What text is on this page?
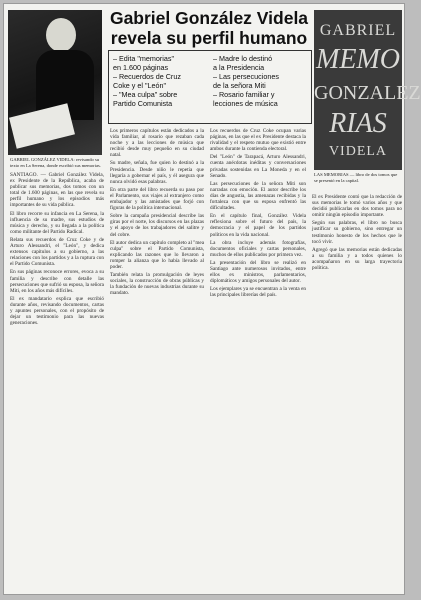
Gabriel González Videla
revela su perfil humano
– Edita "memorias"
en 1.600 páginas
– Recuerdos de Cruz
Coke y el "León"
– "Mea culpa" sobre
Partido Comunista
– Madre lo destinó
a la Presidencia
– Las persecuciones
de la señora Miti
– Rosario familiar y
lecciones de música
GABRIEL
MEMO
GONZALEZ
RIAS
VIDELA
GABRIEL GONZÁLEZ VIDELA: revisando su texto en La Serena, donde escribió sus memorias.
LAS MEMORIAS — libro de dos tomos que se presentó en la capital.

SANTIAGO. — Gabriel González Videla, ex Presidente de la República, acaba de publicar sus memorias, dos tomos con un total de 1.600 páginas, en las que revela su perfil humano y los episodios más importantes de su vida pública.

El libro recorre su infancia en La Serena, la influencia de su madre, sus estudios de música y derecho, y su llegada a la política como militante del Partido Radical.

Relata sus recuerdos de Cruz Coke y de Arturo Alessandri, el "León", y dedica extensos capítulos a su gobierno, a las relaciones con los partidos y a la ruptura con el Partido Comunista.

En sus páginas reconoce errores, evoca a su familia y describe con detalle las persecuciones que sufrió su esposa, la señora Miti, en los años más difíciles.

El ex mandatario explica que escribió durante años, revisando documentos, cartas y apuntes personales, con el propósito de dejar un testimonio para las nuevas generaciones.

Los primeros capítulos están dedicados a la vida familiar, al rosario que rezaban cada noche y a las lecciones de música que recibió desde muy pequeño en su ciudad natal.

Su madre, señala, fue quien lo destinó a la Presidencia. Desde niño le repetía que llegaría a gobernar el país, y él asegura que nunca olvidó esas palabras.

En otra parte del libro recuerda su paso por el Parlamento, sus viajes al extranjero como embajador y las amistades que forjó con figuras de la política internacional.

Sobre la campaña presidencial describe las giras por el norte, los discursos en las plazas y el apoyo de los trabajadores del salitre y del cobre.

El autor dedica un capítulo completo al "mea culpa" sobre el Partido Comunista, explicando las razones que lo llevaron a romper la alianza que lo había llevado al poder.

También relata la promulgación de leyes sociales, la construcción de obras públicas y la fundación de nuevas industrias durante su mandato.

Los recuerdos de Cruz Coke ocupan varias páginas, en las que el ex Presidente destaca la rivalidad y el respeto mutuo que existió entre ambos durante la contienda electoral.

Del "León" de Tarapacá, Arturo Alessandri, cuenta anécdotas inéditas y conversaciones privadas sostenidas en La Moneda y en el Senado.

Las persecuciones de la señora Miti son narradas con emoción. El autor describe los días de angustia, las amenazas recibidas y la fortaleza con que su esposa enfrentó las dificultades.

En el capítulo final, González Videla reflexiona sobre el futuro del país, la democracia y el papel de los partidos políticos en la vida nacional.

La obra incluye además fotografías, documentos oficiales y cartas personales, muchos de ellos publicados por primera vez.

La presentación del libro se realizó en Santiago ante numerosos invitados, entre ellos ex ministros, parlamentarios, diplomáticos y amigos personales del autor.

Los ejemplares ya se encuentran a la venta en las principales librerías del país.

El ex Presidente contó que la redacción de sus memorias le tomó varios años y que decidió publicarlas en dos tomos para no omitir ningún episodio importante.

Según sus palabras, el libro no busca justificar su gobierno, sino entregar un testimonio honesto de los hechos que le tocó vivir.

Agregó que las memorias están dedicadas a su familia y a todos quienes lo acompañaron en su larga trayectoria política.
